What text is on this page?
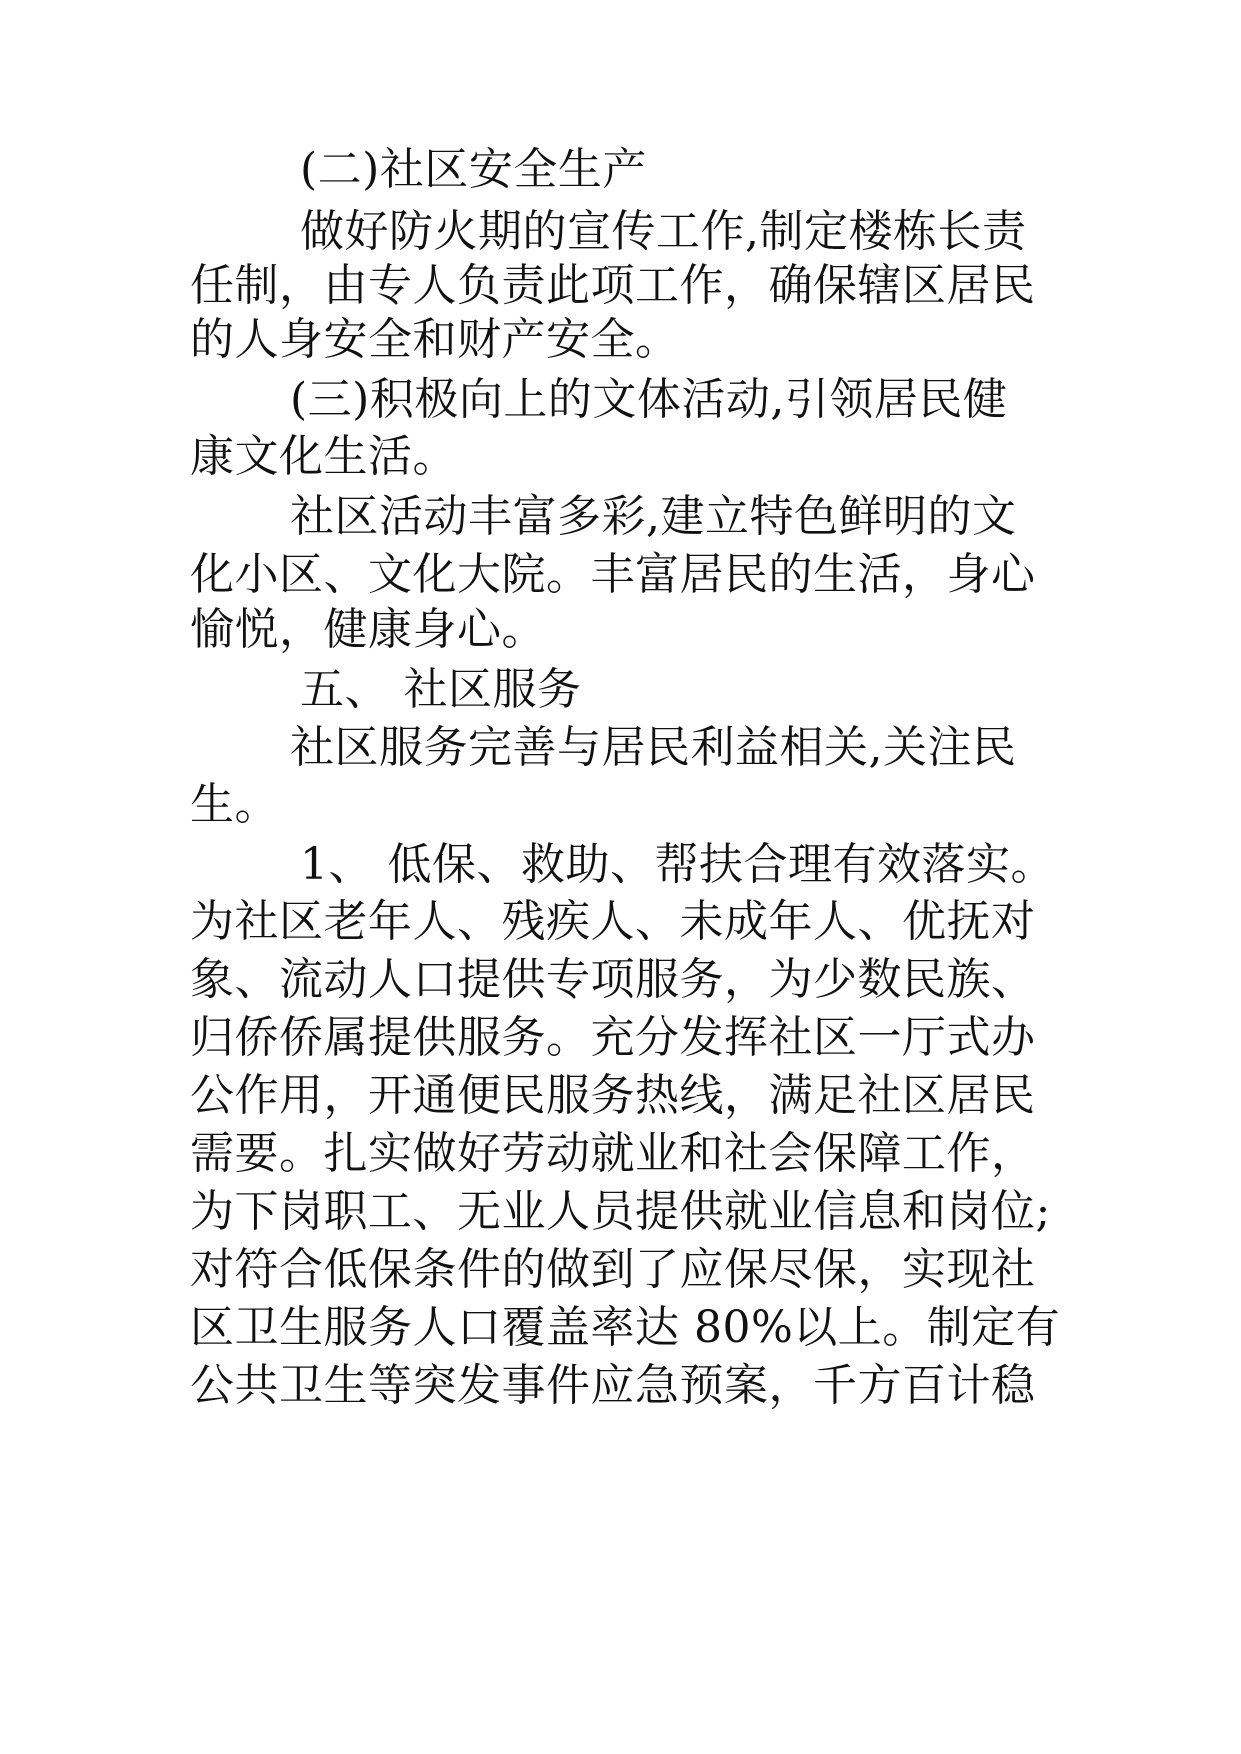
(二)社区安全生产
做好防火期的宣传工作,制定楼栋长责
任制，由专人负责此项工作，确保辖区居民
的人身安全和财产安全。
(三)积极向上的文体活动,引领居民健
康文化生活。
社区活动丰富多彩,建立特色鲜明的文
化小区、文化大院。丰富居民的生活，身心
愉悦，健康身心。
五、 社区服务
社区服务完善与居民利益相关,关注民
生。
1、 低保、救助、帮扶合理有效落实。
为社区老年人、残疾人、未成年人、优抚对
象、流动人口提供专项服务，为少数民族、
归侨侨属提供服务。充分发挥社区一厅式办
公作用，开通便民服务热线，满足社区居民
需要。扎实做好劳动就业和社会保障工作，
为下岗职工、无业人员提供就业信息和岗位;
对符合低保条件的做到了应保尽保，实现社
区卫生服务人口覆盖率达 80%以上。制定有
公共卫生等突发事件应急预案，千方百计稳
